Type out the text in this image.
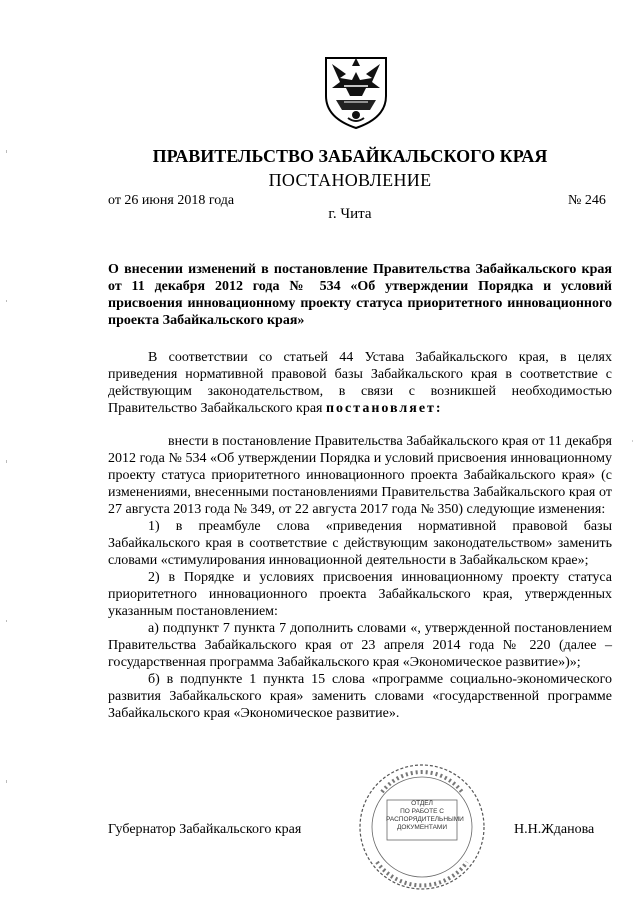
ПРАВИТЕЛЬСТВО ЗАБАЙКАЛЬСКОГО КРАЯ
ПОСТАНОВЛЕНИЕ
от 26 июня 2018 года	№ 246
г. Чита
О внесении изменений в постановление Правительства Забайкальского края от 11 декабря 2012 года № 534 «Об утверждении Порядка и условий присвоения инновационному проекту статуса приоритетного инновационного проекта Забайкальского края»
В соответствии со статьей 44 Устава Забайкальского края, в целях приведения нормативной правовой базы Забайкальского края в соответствие с действующим законодательством, в связи с возникшей необходимостью Правительство Забайкальского края постановляет:
внести в постановление Правительства Забайкальского края от 11 декабря 2012 года № 534 «Об утверждении Порядка и условий присвоения инновационному проекту статуса приоритетного инновационного проекта Забайкальского края» (с изменениями, внесенными постановлениями Правительства Забайкальского края от 27 августа 2013 года № 349, от 22 августа 2017 года № 350) следующие изменения:
1) в преамбуле слова «приведения нормативной правовой базы Забайкальского края в соответствие с действующим законодательством» заменить словами «стимулирования инновационной деятельности в Забайкальском крае»;
2) в Порядке и условиях присвоения инновационному проекту статуса приоритетного инновационного проекта Забайкальского края, утвержденных указанным постановлением:
а) подпункт 7 пункта 7 дополнить словами «, утвержденной постановлением Правительства Забайкальского края от 23 апреля 2014 года № 220 (далее – государственная программа Забайкальского края «Экономическое развитие»)»;
б) в подпункте 1 пункта 15 слова «программе социально-экономического развития Забайкальского края» заменить словами «государственной программе Забайкальского края «Экономическое развитие».
ОТДЕЛ
ПО РАБОТЕ С
РАСПОРЯДИТЕЛЬНЫМИ
ДОКУМЕНТАМИ
Губернатор Забайкальского края	Н.Н.Жданова
